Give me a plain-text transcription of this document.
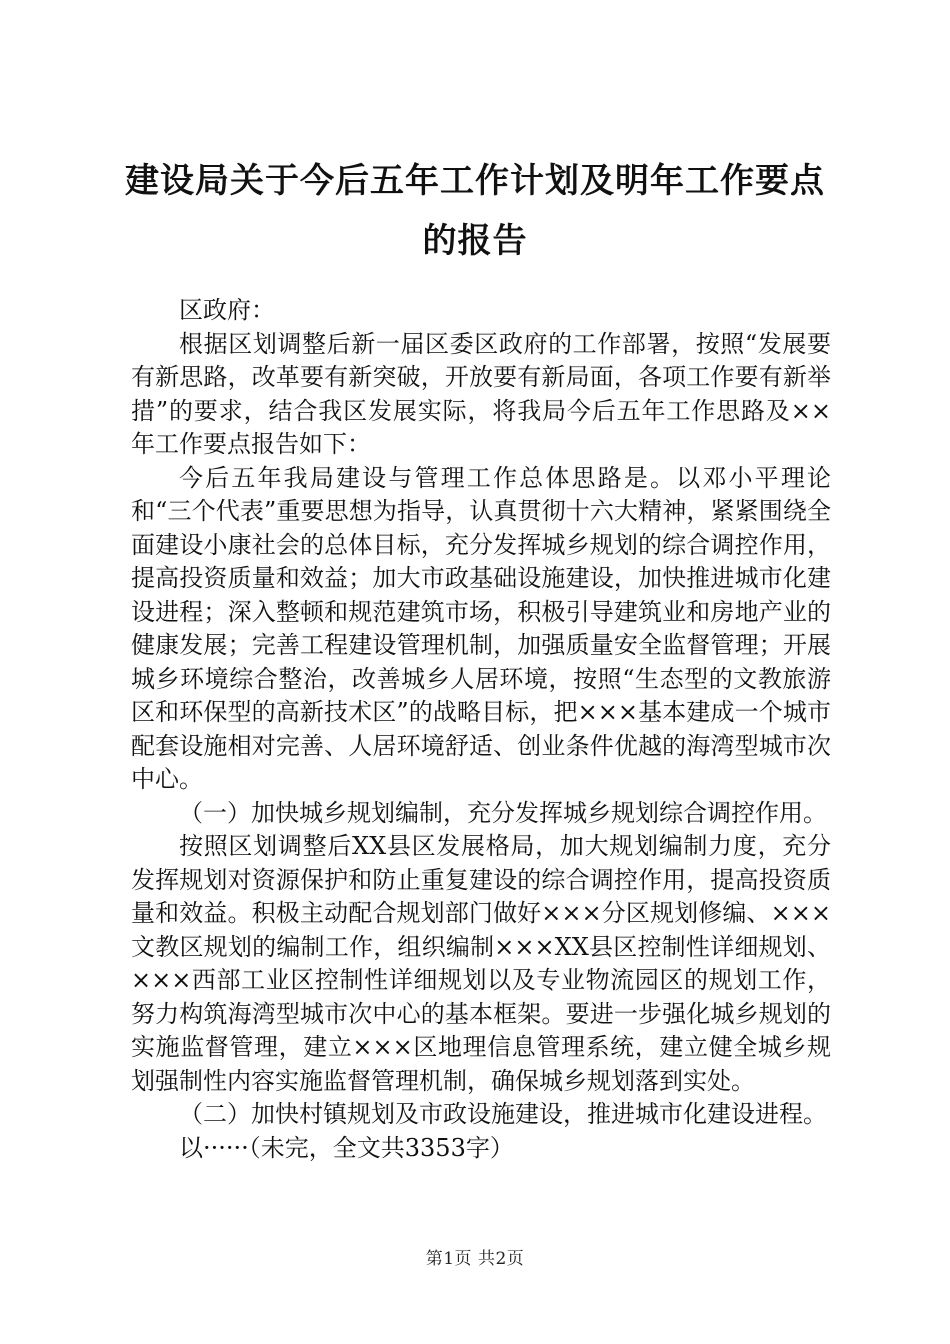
建设局关于今后五年工作计划及明年工作要点
的报告

区政府：

根据区划调整后新一届区委区政府的工作部署，按照“发展要有新思路，改革要有新突破，开放要有新局面，各项工作要有新举措”的要求，结合我区发展实际，将我局今后五年工作思路及××年工作要点报告如下：

今后五年我局建设与管理工作总体思路是。以邓小平理论和“三个代表”重要思想为指导，认真贯彻十六大精神，紧紧围绕全面建设小康社会的总体目标，充分发挥城乡规划的综合调控作用，提高投资质量和效益；加大市政基础设施建设，加快推进城市化建设进程；深入整顿和规范建筑市场，积极引导建筑业和房地产业的健康发展；完善工程建设管理机制，加强质量安全监督管理；开展城乡环境综合整治，改善城乡人居环境，按照“生态型的文教旅游区和环保型的高新技术区”的战略目标，把×××基本建成一个城市配套设施相对完善、人居环境舒适、创业条件优越的海湾型城市次中心。

（一）加快城乡规划编制，充分发挥城乡规划综合调控作用。

按照区划调整后XX县区发展格局，加大规划编制力度，充分发挥规划对资源保护和防止重复建设的综合调控作用，提高投资质量和效益。积极主动配合规划部门做好×××分区规划修编、×××文教区规划的编制工作，组织编制×××XX县区控制性详细规划、×××西部工业区控制性详细规划以及专业物流园区的规划工作，努力构筑海湾型城市次中心的基本框架。要进一步强化城乡规划的实施监督管理，建立×××区地理信息管理系统，建立健全城乡规划强制性内容实施监督管理机制，确保城乡规划落到实处。

（二）加快村镇规划及市政设施建设，推进城市化建设进程。

以······（未完，全文共3353字）

第1页 共2页
